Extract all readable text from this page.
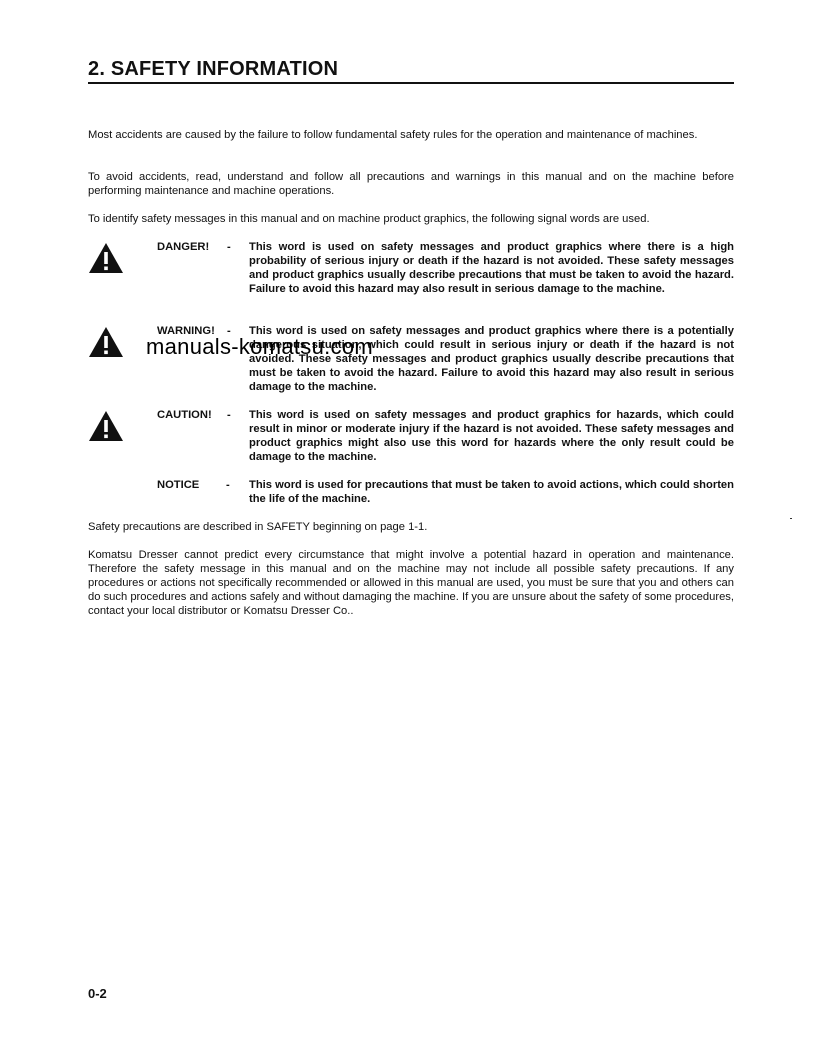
2. SAFETY INFORMATION

Most accidents are caused by the failure to follow fundamental safety rules for the operation and maintenance of machines.

To avoid accidents, read, understand and follow all precautions and warnings in this manual and on the machine before performing maintenance and machine operations.

To identify safety messages in this manual and on machine product graphics, the following signal words are used.

DANGER!	- This word is used on safety messages and product graphics where there is a high probability of serious injury or death if the hazard is not avoided. These safety messages and product graphics usually describe precautions that must be taken to avoid the hazard. Failure to avoid this hazard may also result in serious damage to the machine.
WARNING!	- This word is used on safety messages and product graphics where there is a potentially dangerous situation, which could result in serious injury or death if the hazard is not avoided. These safety messages and product graphics usually describe precautions that must be taken to avoid the hazard. Failure to avoid this hazard may also result in serious damage to the machine.
CAUTION!	- This word is used on safety messages and product graphics for hazards, which could result in minor or moderate injury if the hazard is not avoided. These safety messages and product graphics might also use this word for hazards where the only result could be damage to the machine.
NOTICE	- This word is used for precautions that must be taken to avoid actions, which could shorten the life of the machine.

Safety precautions are described in SAFETY beginning on page 1-1.

Komatsu Dresser cannot predict every circumstance that might involve a potential hazard in operation and maintenance. Therefore the safety message in this manual and on the machine may not include all possible safety precautions. If any procedures or actions not specifically recommended or allowed in this manual are used, you must be sure that you and others can do such procedures and actions safely and without damaging the machine. If you are unsure about the safety of some procedures, contact your local distributor or Komatsu Dresser Co..

manuals-komatsu.com
0-2
